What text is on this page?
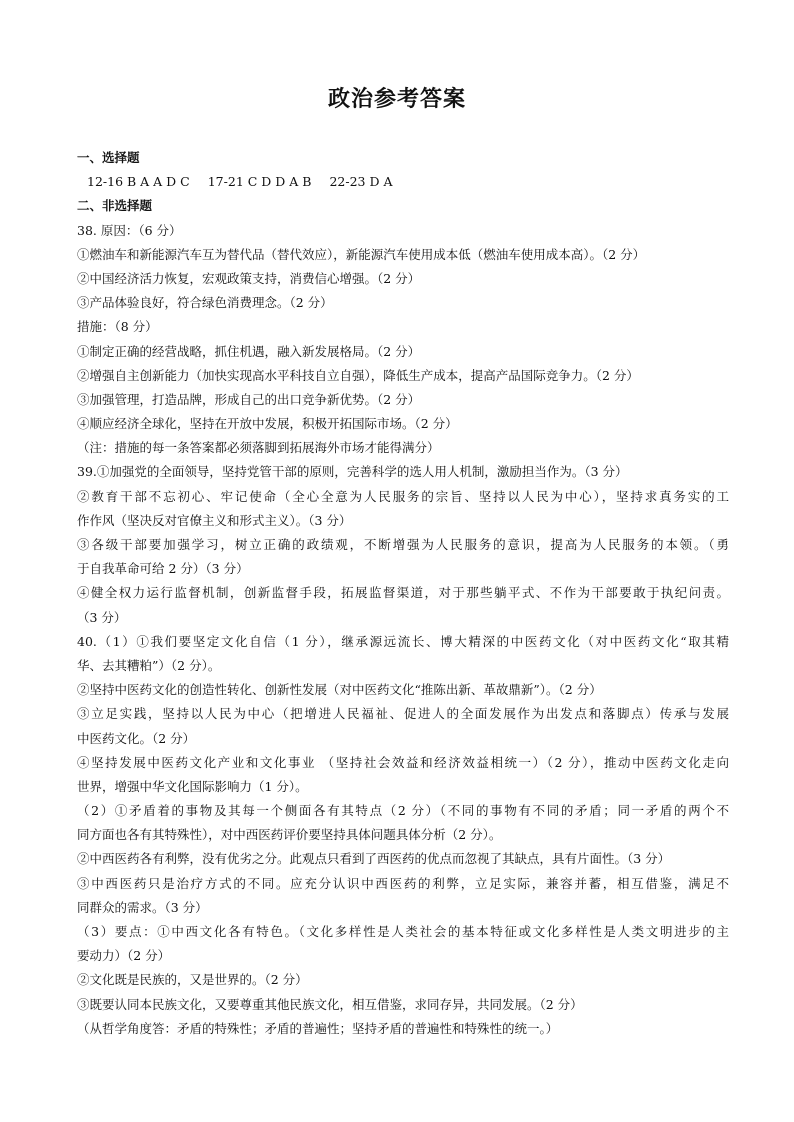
政治参考答案
一、选择题
12-16 B A A D C 17-21 C D D A B 22-23 D A
二、非选择题
38. 原因：（6 分）
①燃油车和新能源汽车互为替代品（替代效应），新能源汽车使用成本低（燃油车使用成本高）。（2 分）
②中国经济活力恢复，宏观政策支持，消费信心增强。（2 分）
③产品体验良好，符合绿色消费理念。（2 分）
措施：（8 分）
①制定正确的经营战略，抓住机遇，融入新发展格局。（2 分）
②增强自主创新能力（加快实现高水平科技自立自强），降低生产成本，提高产品国际竞争力。（2 分）
③加强管理，打造品牌，形成自己的出口竞争新优势。（2 分）
④顺应经济全球化，坚持在开放中发展，积极开拓国际市场。（2 分）
（注：措施的每一条答案都必须落脚到拓展海外市场才能得满分）
39.①加强党的全面领导，坚持党管干部的原则，完善科学的选人用人机制，激励担当作为。（3 分）
②教育干部不忘初心、牢记使命（全心全意为人民服务的宗旨、坚持以人民为中心），坚持求真务实的工
作作风（坚决反对官僚主义和形式主义）。（3 分）
③各级干部要加强学习，树立正确的政绩观，不断增强为人民服务的意识，提高为人民服务的本领。（勇
于自我革命可给 2 分）（3 分）
④健全权力运行监督机制，创新监督手段，拓展监督渠道，对于那些躺平式、不作为干部要敢于执纪问责。
（3 分）
40.（1）①我们要坚定文化自信（1 分），继承源远流长、博大精深的中医药文化（对中医药文化“取其精
华、去其糟粕”）（2 分）。
②坚持中医药文化的创造性转化、创新性发展（对中医药文化“推陈出新、革故鼎新”）。（2 分）
③立足实践，坚持以人民为中心（把增进人民福祉、促进人的全面发展作为出发点和落脚点）传承与发展
中医药文化。（2 分）
④坚持发展中医药文化产业和文化事业 （坚持社会效益和经济效益相统一）（2 分），推动中医药文化走向
世界，增强中华文化国际影响力（1 分）。
（2）①矛盾着的事物及其每一个侧面各有其特点（2 分）（不同的事物有不同的矛盾；同一矛盾的两个不
同方面也各有其特殊性），对中西医药评价要坚持具体问题具体分析（2 分）。
②中西医药各有利弊，没有优劣之分。此观点只看到了西医药的优点而忽视了其缺点，具有片面性。（3 分）
③中西医药只是治疗方式的不同。应充分认识中西医药的利弊，立足实际，兼容并蓄，相互借鉴，满足不
同群众的需求。（3 分）
（3）要点：①中西文化各有特色。（文化多样性是人类社会的基本特征或文化多样性是人类文明进步的主
要动力）（2 分）
②文化既是民族的，又是世界的。（2 分）
③既要认同本民族文化，又要尊重其他民族文化，相互借鉴，求同存异，共同发展。（2 分）
（从哲学角度答：矛盾的特殊性；矛盾的普遍性；坚持矛盾的普遍性和特殊性的统一。）
